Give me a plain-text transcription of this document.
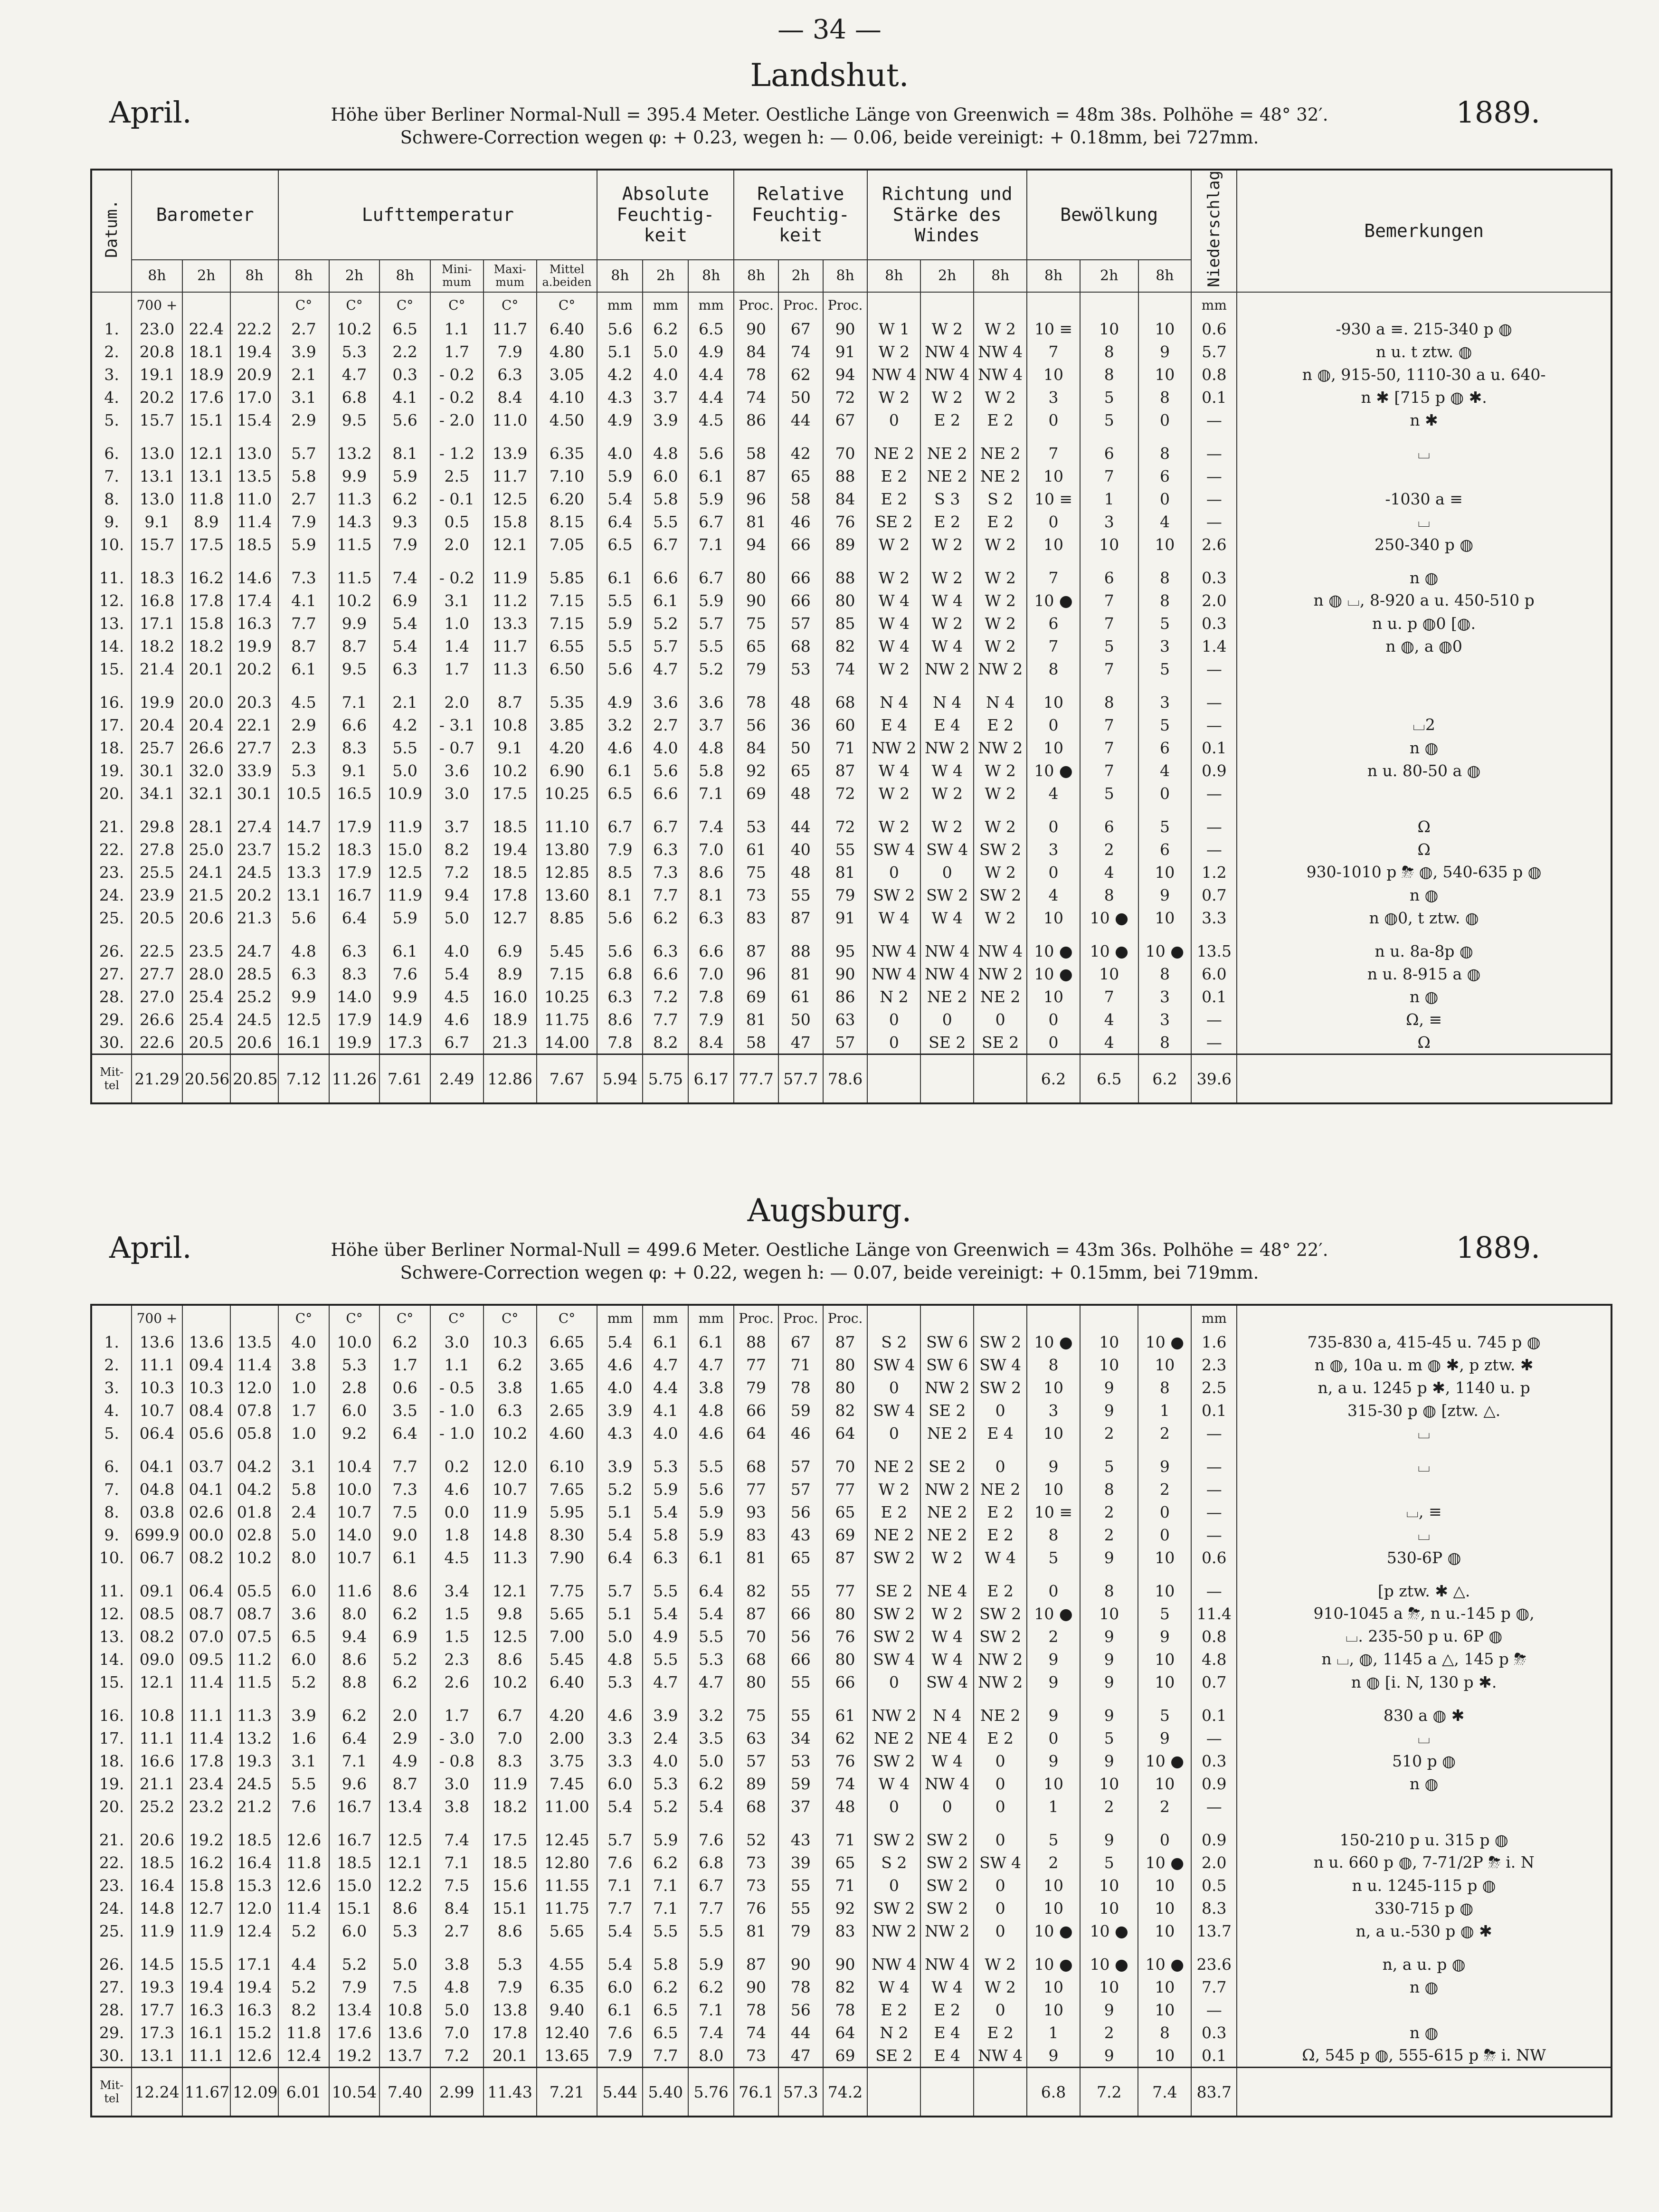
— 34 —
Landshut.
April.	1889.
Höhe über Berliner Normal-Null = 395.4 Meter. Oestliche Länge von Greenwich = 48m 38s. Polhöhe = 48° 32′.
Schwere-Correction wegen φ: + 0.23, wegen h: — 0.06, beide vereinigt: + 0.18mm, bei 727mm.
Augsburg.
April.	1889.
Höhe über Berliner Normal-Null = 499.6 Meter. Oestliche Länge von Greenwich = 43m 36s. Polhöhe = 48° 22′.
Schwere-Correction wegen φ: + 0.22, wegen h: — 0.07, beide vereinigt: + 0.15mm, bei 719mm.
Datum.	Barometer			Lufttemperatur						Absolute Feuchtig- keit			Relative Feuchtig- keit			Richtung und Stärke des Windes			Bewölkung			Niederschlag	Bemerkungen
	8h	2h	8h	8h	2h	8h	Mini- mum	Maxi- mum	Mittel a.beiden	8h	2h	8h	8h	2h	8h	8h	2h	8h	8h	2h	8h		
	700 +			C°	C°	C°	C°	C°	C°	mm	mm	mm	Proc.	Proc.	Proc.							mm	
1.	23.0	22.4	22.2	2.7	10.2	6.5	1.1	11.7	6.40	5.6	6.2	6.5	90	67	90	W 1	W 2	W 2	10 ≡	10	10	0.6	-930 a ≡. 215-340 p ◍
2.	20.8	18.1	19.4	3.9	5.3	2.2	1.7	7.9	4.80	5.1	5.0	4.9	84	74	91	W 2	NW 4	NW 4	7	8	9	5.7	n u. t ztw. ◍
3.	19.1	18.9	20.9	2.1	4.7	0.3	- 0.2	6.3	3.05	4.2	4.0	4.4	78	62	94	NW 4	NW 4	NW 4	10	8	10	0.8	n ◍, 915-50, 1110-30 a u. 640-
4.	20.2	17.6	17.0	3.1	6.8	4.1	- 0.2	8.4	4.10	4.3	3.7	4.4	74	50	72	W 2	W 2	W 2	3	5	8	0.1	n ✱ [715 p ◍ ✱.
5.	15.7	15.1	15.4	2.9	9.5	5.6	- 2.0	11.0	4.50	4.9	3.9	4.5	86	44	67	0	E 2	E 2	0	5	0	—	n ✱

6.	13.0	12.1	13.0	5.7	13.2	8.1	- 1.2	13.9	6.35	4.0	4.8	5.6	58	42	70	NE 2	NE 2	NE 2	7	6	8	—	⌴
7.	13.1	13.1	13.5	5.8	9.9	5.9	2.5	11.7	7.10	5.9	6.0	6.1	87	65	88	E 2	NE 2	NE 2	10	7	6	—	
8.	13.0	11.8	11.0	2.7	11.3	6.2	- 0.1	12.5	6.20	5.4	5.8	5.9	96	58	84	E 2	S 3	S 2	10 ≡	1	0	—	-1030 a ≡
9.	9.1	8.9	11.4	7.9	14.3	9.3	0.5	15.8	8.15	6.4	5.5	6.7	81	46	76	SE 2	E 2	E 2	0	3	4	—	⌴
10.	15.7	17.5	18.5	5.9	11.5	7.9	2.0	12.1	7.05	6.5	6.7	7.1	94	66	89	W 2	W 2	W 2	10	10	10	2.6	250-340 p ◍

11.	18.3	16.2	14.6	7.3	11.5	7.4	- 0.2	11.9	5.85	6.1	6.6	6.7	80	66	88	W 2	W 2	W 2	7	6	8	0.3	n ◍
12.	16.8	17.8	17.4	4.1	10.2	6.9	3.1	11.2	7.15	5.5	6.1	5.9	90	66	80	W 4	W 4	W 2	10 ●	7	8	2.0	n ◍ ⌴, 8-920 a u. 450-510 p
13.	17.1	15.8	16.3	7.7	9.9	5.4	1.0	13.3	7.15	5.9	5.2	5.7	75	57	85	W 4	W 2	W 2	6	7	5	0.3	n u. p ◍0 [◍.
14.	18.2	18.2	19.9	8.7	8.7	5.4	1.4	11.7	6.55	5.5	5.7	5.5	65	68	82	W 4	W 4	W 2	7	5	3	1.4	n ◍, a ◍0
15.	21.4	20.1	20.2	6.1	9.5	6.3	1.7	11.3	6.50	5.6	4.7	5.2	79	53	74	W 2	NW 2	NW 2	8	7	5	—	

16.	19.9	20.0	20.3	4.5	7.1	2.1	2.0	8.7	5.35	4.9	3.6	3.6	78	48	68	N 4	N 4	N 4	10	8	3	—	
17.	20.4	20.4	22.1	2.9	6.6	4.2	- 3.1	10.8	3.85	3.2	2.7	3.7	56	36	60	E 4	E 4	E 2	0	7	5	—	⌴2
18.	25.7	26.6	27.7	2.3	8.3	5.5	- 0.7	9.1	4.20	4.6	4.0	4.8	84	50	71	NW 2	NW 2	NW 2	10	7	6	0.1	n ◍
19.	30.1	32.0	33.9	5.3	9.1	5.0	3.6	10.2	6.90	6.1	5.6	5.8	92	65	87	W 4	W 4	W 2	10 ●	7	4	0.9	n u. 80-50 a ◍
20.	34.1	32.1	30.1	10.5	16.5	10.9	3.0	17.5	10.25	6.5	6.6	7.1	69	48	72	W 2	W 2	W 2	4	5	0	—	

21.	29.8	28.1	27.4	14.7	17.9	11.9	3.7	18.5	11.10	6.7	6.7	7.4	53	44	72	W 2	W 2	W 2	0	6	5	—	Ω
22.	27.8	25.0	23.7	15.2	18.3	15.0	8.2	19.4	13.80	7.9	6.3	7.0	61	40	55	SW 4	SW 4	SW 2	3	2	6	—	Ω
23.	25.5	24.1	24.5	13.3	17.9	12.5	7.2	18.5	12.85	8.5	7.3	8.6	75	48	81	0	0	W 2	0	4	10	1.2	930-1010 p ⛈ ◍, 540-635 p ◍
24.	23.9	21.5	20.2	13.1	16.7	11.9	9.4	17.8	13.60	8.1	7.7	8.1	73	55	79	SW 2	SW 2	SW 2	4	8	9	0.7	n ◍
25.	20.5	20.6	21.3	5.6	6.4	5.9	5.0	12.7	8.85	5.6	6.2	6.3	83	87	91	W 4	W 4	W 2	10	10 ●	10	3.3	n ◍0, t ztw. ◍

26.	22.5	23.5	24.7	4.8	6.3	6.1	4.0	6.9	5.45	5.6	6.3	6.6	87	88	95	NW 4	NW 4	NW 4	10 ●	10 ●	10 ●	13.5	n u. 8a-8p ◍
27.	27.7	28.0	28.5	6.3	8.3	7.6	5.4	8.9	7.15	6.8	6.6	7.0	96	81	90	NW 4	NW 4	NW 2	10 ●	10	8	6.0	n u. 8-915 a ◍
28.	27.0	25.4	25.2	9.9	14.0	9.9	4.5	16.0	10.25	6.3	7.2	7.8	69	61	86	N 2	NE 2	NE 2	10	7	3	0.1	n ◍
29.	26.6	25.4	24.5	12.5	17.9	14.9	4.6	18.9	11.75	8.6	7.7	7.9	81	50	63	0	0	0	0	4	3	—	Ω, ≡
30.	22.6	20.5	20.6	16.1	19.9	17.3	6.7	21.3	14.00	7.8	8.2	8.4	58	47	57	0	SE 2	SE 2	0	4	8	—	Ω
Mit- tel	21.29	20.56	20.85	7.12	11.26	7.61	2.49	12.86	7.67	5.94	5.75	6.17	77.7	57.7	78.6				6.2	6.5	6.2	39.6	
	700 +			C°	C°	C°	C°	C°	C°	mm	mm	mm	Proc.	Proc.	Proc.							mm	
1.	13.6	13.6	13.5	4.0	10.0	6.2	3.0	10.3	6.65	5.4	6.1	6.1	88	67	87	S 2	SW 6	SW 2	10 ●	10	10 ●	1.6	735-830 a, 415-45 u. 745 p ◍
2.	11.1	09.4	11.4	3.8	5.3	1.7	1.1	6.2	3.65	4.6	4.7	4.7	77	71	80	SW 4	SW 6	SW 4	8	10	10	2.3	n ◍, 10a u. m ◍ ✱, p ztw. ✱
3.	10.3	10.3	12.0	1.0	2.8	0.6	- 0.5	3.8	1.65	4.0	4.4	3.8	79	78	80	0	NW 2	SW 2	10	9	8	2.5	n, a u. 1245 p ✱, 1140 u. p
4.	10.7	08.4	07.8	1.7	6.0	3.5	- 1.0	6.3	2.65	3.9	4.1	4.8	66	59	82	SW 4	SE 2	0	3	9	1	0.1	315-30 p ◍ [ztw. △.
5.	06.4	05.6	05.8	1.0	9.2	6.4	- 1.0	10.2	4.60	4.3	4.0	4.6	64	46	64	0	NE 2	E 4	10	2	2	—	⌴

6.	04.1	03.7	04.2	3.1	10.4	7.7	0.2	12.0	6.10	3.9	5.3	5.5	68	57	70	NE 2	SE 2	0	9	5	9	—	⌴
7.	04.8	04.1	04.2	5.8	10.0	7.3	4.6	10.7	7.65	5.2	5.9	5.6	77	57	77	W 2	NW 2	NE 2	10	8	2	—	
8.	03.8	02.6	01.8	2.4	10.7	7.5	0.0	11.9	5.95	5.1	5.4	5.9	93	56	65	E 2	NE 2	E 2	10 ≡	2	0	—	⌴, ≡
9.	699.9	00.0	02.8	5.0	14.0	9.0	1.8	14.8	8.30	5.4	5.8	5.9	83	43	69	NE 2	NE 2	E 2	8	2	0	—	⌴
10.	06.7	08.2	10.2	8.0	10.7	6.1	4.5	11.3	7.90	6.4	6.3	6.1	81	65	87	SW 2	W 2	W 4	5	9	10	0.6	530-6P ◍

11.	09.1	06.4	05.5	6.0	11.6	8.6	3.4	12.1	7.75	5.7	5.5	6.4	82	55	77	SE 2	NE 4	E 2	0	8	10	—	[p ztw. ✱ △.
12.	08.5	08.7	08.7	3.6	8.0	6.2	1.5	9.8	5.65	5.1	5.4	5.4	87	66	80	SW 2	W 2	SW 2	10 ●	10	5	11.4	910-1045 a ⛈, n u.-145 p ◍,
13.	08.2	07.0	07.5	6.5	9.4	6.9	1.5	12.5	7.00	5.0	4.9	5.5	70	56	76	SW 2	W 4	SW 2	2	9	9	0.8	⌴. 235-50 p u. 6P ◍
14.	09.0	09.5	11.2	6.0	8.6	5.2	2.3	8.6	5.45	4.8	5.5	5.3	68	66	80	SW 4	W 4	NW 2	9	9	10	4.8	n ⌴, ◍, 1145 a △, 145 p ⛈
15.	12.1	11.4	11.5	5.2	8.8	6.2	2.6	10.2	6.40	5.3	4.7	4.7	80	55	66	0	SW 4	NW 2	9	9	10	0.7	n ◍ [i. N, 130 p ✱.

16.	10.8	11.1	11.3	3.9	6.2	2.0	1.7	6.7	4.20	4.6	3.9	3.2	75	55	61	NW 2	N 4	NE 2	9	9	5	0.1	830 a ◍ ✱
17.	11.1	11.4	13.2	1.6	6.4	2.9	- 3.0	7.0	2.00	3.3	2.4	3.5	63	34	62	NE 2	NE 4	E 2	0	5	9	—	⌴
18.	16.6	17.8	19.3	3.1	7.1	4.9	- 0.8	8.3	3.75	3.3	4.0	5.0	57	53	76	SW 2	W 4	0	9	9	10 ●	0.3	510 p ◍
19.	21.1	23.4	24.5	5.5	9.6	8.7	3.0	11.9	7.45	6.0	5.3	6.2	89	59	74	W 4	NW 4	0	10	10	10	0.9	n ◍
20.	25.2	23.2	21.2	7.6	16.7	13.4	3.8	18.2	11.00	5.4	5.2	5.4	68	37	48	0	0	0	1	2	2	—	

21.	20.6	19.2	18.5	12.6	16.7	12.5	7.4	17.5	12.45	5.7	5.9	7.6	52	43	71	SW 2	SW 2	0	5	9	0	0.9	150-210 p u. 315 p ◍
22.	18.5	16.2	16.4	11.8	18.5	12.1	7.1	18.5	12.80	7.6	6.2	6.8	73	39	65	S 2	SW 2	SW 4	2	5	10 ●	2.0	n u. 660 p ◍, 7-71/2P ⛈ i. N
23.	16.4	15.8	15.3	12.6	15.0	12.2	7.5	15.6	11.55	7.1	7.1	6.7	73	55	71	0	SW 2	0	10	10	10	0.5	n u. 1245-115 p ◍
24.	14.8	12.7	12.0	11.4	15.1	8.6	8.4	15.1	11.75	7.7	7.1	7.7	76	55	92	SW 2	SW 2	0	10	10	10	8.3	330-715 p ◍
25.	11.9	11.9	12.4	5.2	6.0	5.3	2.7	8.6	5.65	5.4	5.5	5.5	81	79	83	NW 2	NW 2	0	10 ●	10 ●	10	13.7	n, a u.-530 p ◍ ✱

26.	14.5	15.5	17.1	4.4	5.2	5.0	3.8	5.3	4.55	5.4	5.8	5.9	87	90	90	NW 4	NW 4	W 2	10 ●	10 ●	10 ●	23.6	n, a u. p ◍
27.	19.3	19.4	19.4	5.2	7.9	7.5	4.8	7.9	6.35	6.0	6.2	6.2	90	78	82	W 4	W 4	W 2	10	10	10	7.7	n ◍
28.	17.7	16.3	16.3	8.2	13.4	10.8	5.0	13.8	9.40	6.1	6.5	7.1	78	56	78	E 2	E 2	0	10	9	10	—	
29.	17.3	16.1	15.2	11.8	17.6	13.6	7.0	17.8	12.40	7.6	6.5	7.4	74	44	64	N 2	E 4	E 2	1	2	8	0.3	n ◍
30.	13.1	11.1	12.6	12.4	19.2	13.7	7.2	20.1	13.65	7.9	7.7	8.0	73	47	69	SE 2	E 4	NW 4	9	9	10	0.1	Ω, 545 p ◍, 555-615 p ⛈ i. NW
Mit- tel	12.24	11.67	12.09	6.01	10.54	7.40	2.99	11.43	7.21	5.44	5.40	5.76	76.1	57.3	74.2				6.8	7.2	7.4	83.7	
